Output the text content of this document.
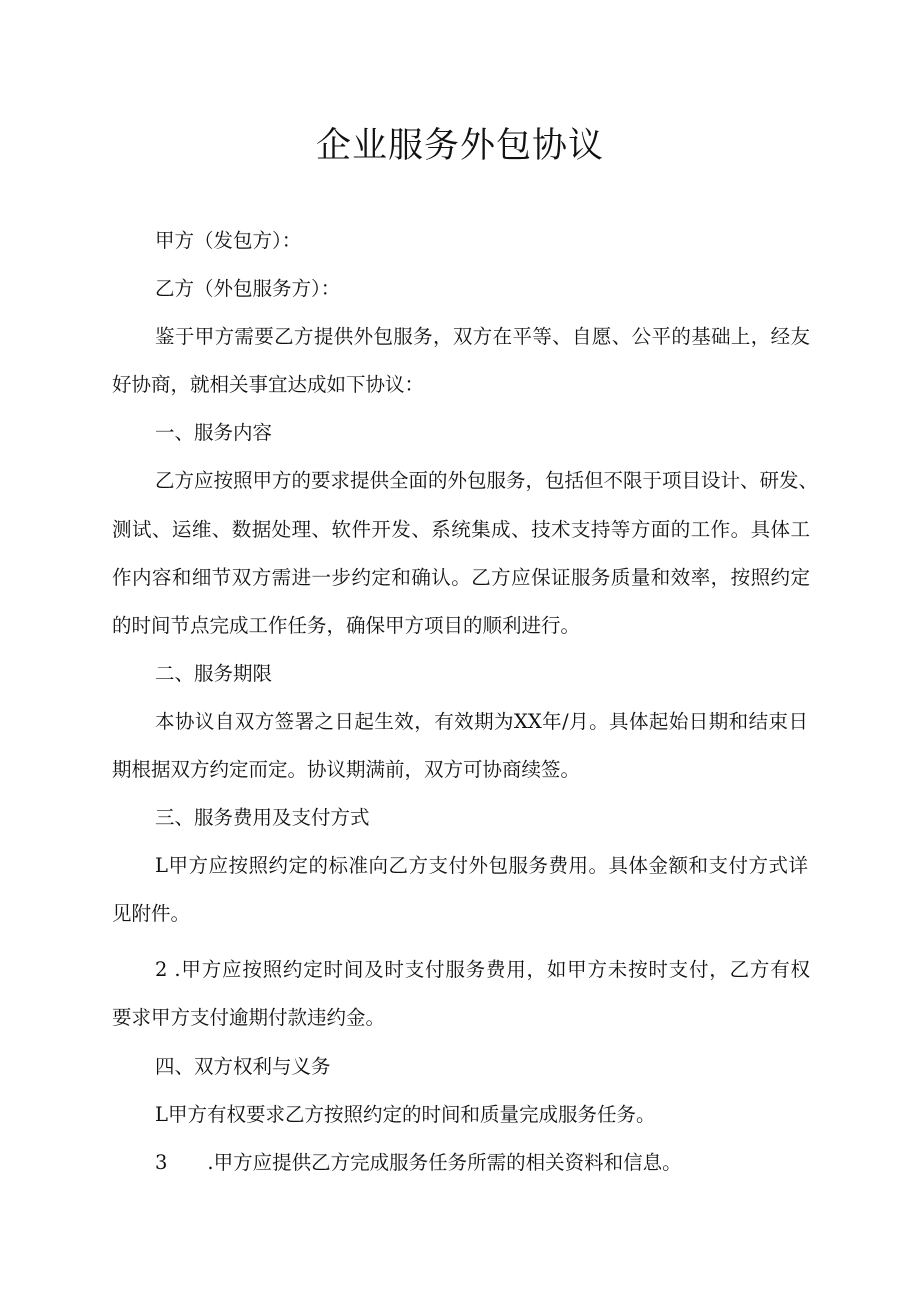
企业服务外包协议
甲方（发包方）：
乙方（外包服务方）：
鉴于甲方需要乙方提供外包服务，双方在平等、自愿、公平的基础上，经友
好协商，就相关事宜达成如下协议：
一、服务内容
乙方应按照甲方的要求提供全面的外包服务，包括但不限于项目设计、研发、
测试、运维、数据处理、软件开发、系统集成、技术支持等方面的工作。具体工
作内容和细节双方需进一步约定和确认。乙方应保证服务质量和效率，按照约定
的时间节点完成工作任务，确保甲方项目的顺利进行。
二、服务期限
本协议自双方签署之日起生效，有效期为XX年/月。具体起始日期和结束日
期根据双方约定而定。协议期满前，双方可协商续签。
三、服务费用及支付方式
L甲方应按照约定的标准向乙方支付外包服务费用。具体金额和支付方式详
见附件。
2 .甲方应按照约定时间及时支付服务费用，如甲方未按时支付，乙方有权
要求甲方支付逾期付款违约金。
四、双方权利与义务
L甲方有权要求乙方按照约定的时间和质量完成服务任务。
3 .甲方应提供乙方完成服务任务所需的相关资料和信息。
